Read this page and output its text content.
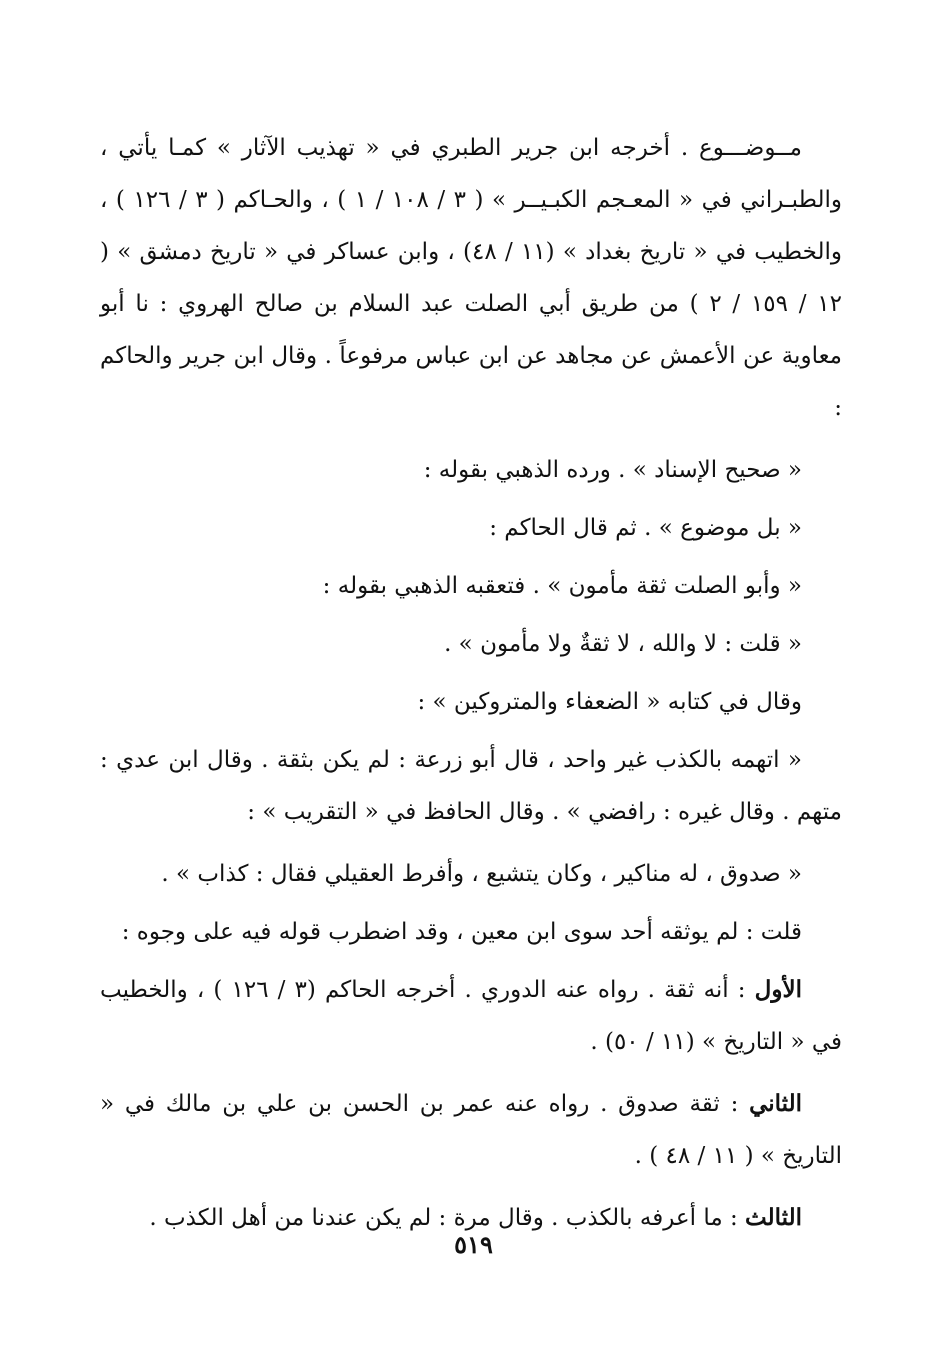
مــوضـــوع . أخرجه ابن جرير الطبري في « تهذيب الآثار » كمـا يأتي ، والطبـراني في « المعـجم الكبـيــر » ( ٣ / ١٠٨ / ١ ) ، والحـاكم ( ٣ / ١٢٦ ) ، والخطيب في « تاريخ بغداد » (١١ / ٤٨) ، وابن عساكر في « تاريخ دمشق » ( ١٢ / ١٥٩ / ٢ ) من طريق أبي الصلت عبد السلام بن صالح الهروي : نا أبو معاوية عن الأعمش عن مجاهد عن ابن عباس مرفوعاً . وقال ابن جرير والحاكم :

« صحيح الإسناد » . ورده الذهبي بقوله :

« بل موضوع » . ثم قال الحاكم :

« وأبو الصلت ثقة مأمون » . فتعقبه الذهبي بقوله :

« قلت : لا والله ، لا ثقةٌ ولا مأمون » .

وقال في كتابه « الضعفاء والمتروكين » :

« اتهمه بالكذب غير واحد ، قال أبو زرعة : لم يكن بثقة . وقال ابن عدي : متهم . وقال غيره : رافضي » . وقال الحافظ في « التقريب » :

« صدوق ، له مناكير ، وكان يتشيع ، وأفرط العقيلي فقال : كذاب » .

قلت : لم يوثقه أحد سوى ابن معين ، وقد اضطرب قوله فيه على وجوه :

الأول : أنه ثقة . رواه عنه الدوري . أخرجه الحاكم (٣ / ١٢٦ ) ، والخطيب في « التاريخ » (١١ / ٥٠) .

الثاني : ثقة صدوق . رواه عنه عمر بن الحسن بن علي بن مالك في « التاريخ » ( ١١ / ٤٨ ) .

الثالث : ما أعرفه بالكذب . وقال مرة : لم يكن عندنا من أهل الكذب .

٥١٩
